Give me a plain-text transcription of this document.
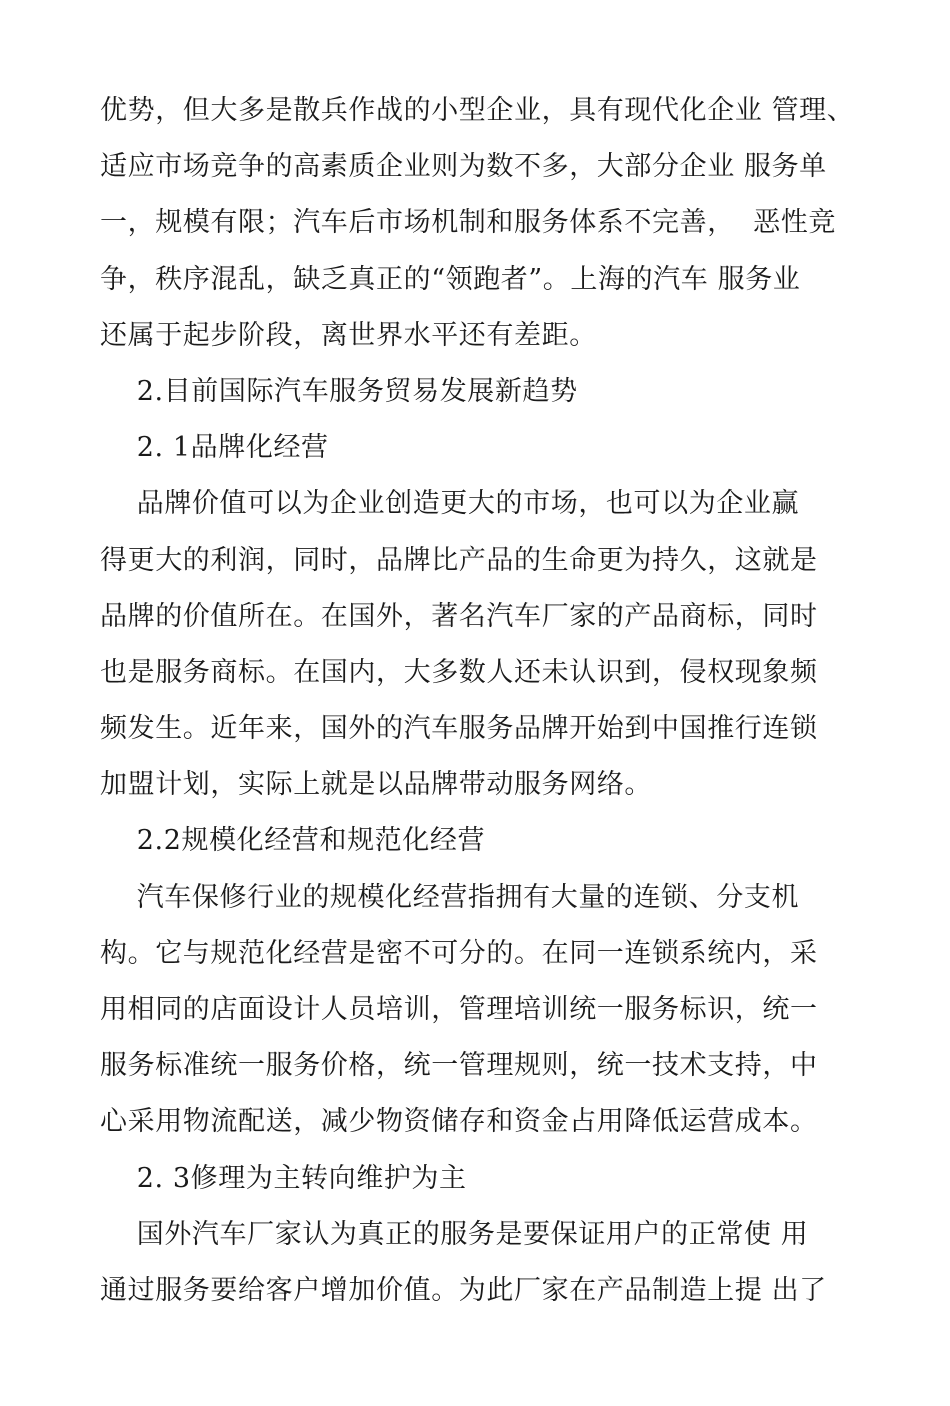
优势，但大多是散兵作战的小型企业，具有现代化企业 管理、
适应市场竞争的高素质企业则为数不多，大部分企业 服务单
一，规模有限；汽车后市场机制和服务体系不完善，  恶性竞
争，秩序混乱，缺乏真正的“领跑者”。上海的汽车 服务业
还属于起步阶段，离世界水平还有差距。
2.目前国际汽车服务贸易发展新趋势
2. 1品牌化经营
品牌价值可以为企业创造更大的市场，也可以为企业赢
得更大的利润，同时，品牌比产品的生命更为持久，这就是
品牌的价值所在。在国外，著名汽车厂家的产品商标，同时
也是服务商标。在国内，大多数人还未认识到，侵权现象频
频发生。近年来，国外的汽车服务品牌开始到中国推行连锁
加盟计划，实际上就是以品牌带动服务网络。
2.2规模化经营和规范化经营
汽车保修行业的规模化经营指拥有大量的连锁、分支机
构。它与规范化经营是密不可分的。在同一连锁系统内，采
用相同的店面设计人员培训，管理培训统一服务标识，统一
服务标准统一服务价格，统一管理规则，统一技术支持，中
心采用物流配送，减少物资储存和资金占用降低运营成本。
2. 3修理为主转向维护为主
国外汽车厂家认为真正的服务是要保证用户的正常使 用
通过服务要给客户增加价值。为此厂家在产品制造上提 出了
